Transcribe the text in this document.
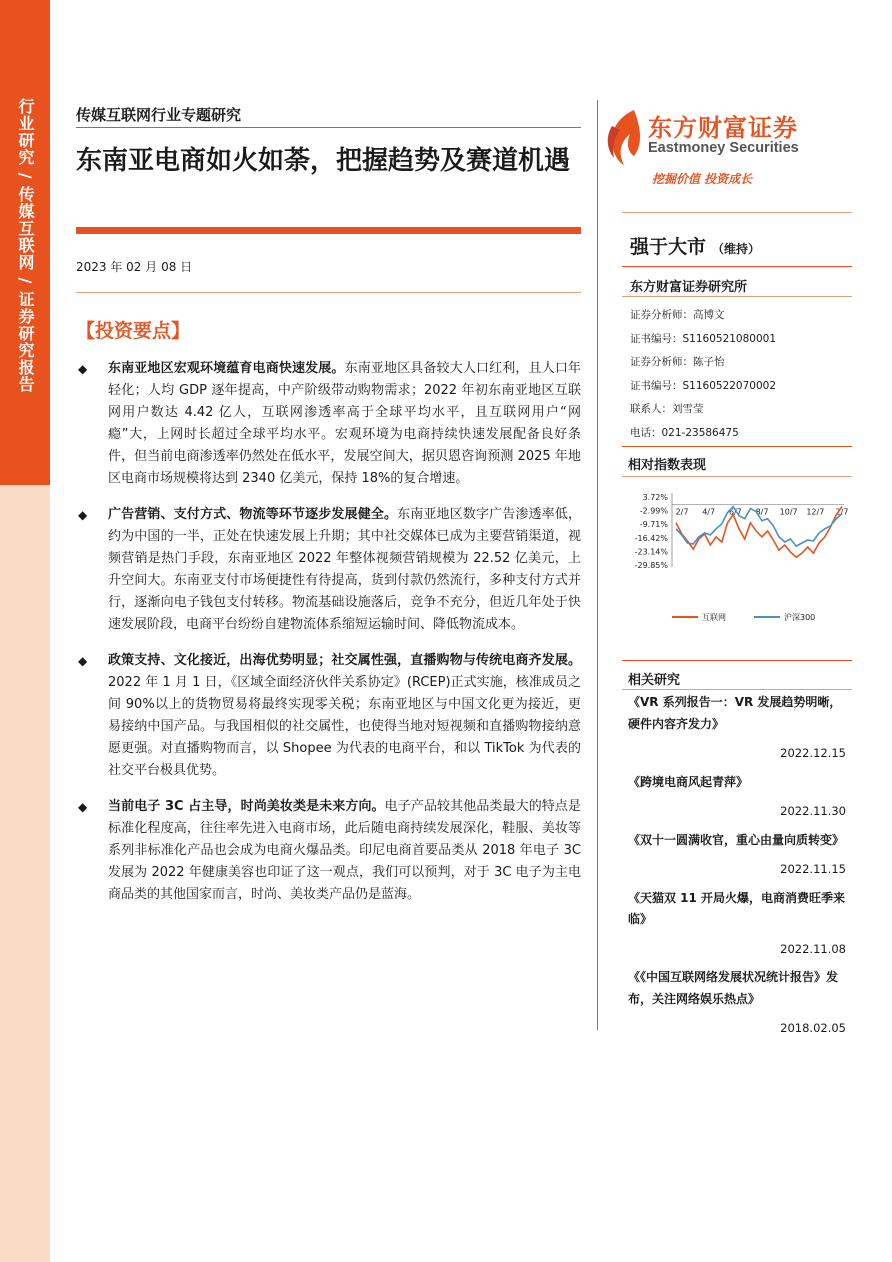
行业研究 / 传媒互联网 / 证券研究报告	传媒互联网行业专题研究
东南亚电商如火如荼，把握趋势及赛道机遇
2023 年 02 月 08 日
【投资要点】
◆ 东南亚地区宏观环境蕴育电商快速发展。东南亚地区具备较大人口红利，且人口年轻化；人均 GDP 逐年提高，中产阶级带动购物需求；2022 年初东南亚地区互联网用户数达 4.42 亿人，互联网渗透率高于全球平均水平，且互联网用户“网瘾”大，上网时长超过全球平均水平。宏观环境为电商持续快速发展配备良好条件，但当前电商渗透率仍然处在低水平，发展空间大，据贝恩咨询预测 2025 年地区电商市场规模将达到 2340 亿美元，保持 18%的复合增速。
◆ 广告营销、支付方式、物流等环节逐步发展健全。东南亚地区数字广告渗透率低，约为中国的一半，正处在快速发展上升期；其中社交媒体已成为主要营销渠道，视频营销是热门手段，东南亚地区 2022 年整体视频营销规模为 22.52 亿美元，上升空间大。东南亚支付市场便捷性有待提高，货到付款仍然流行，多种支付方式并行，逐渐向电子钱包支付转移。物流基础设施落后，竞争不充分，但近几年处于快速发展阶段，电商平台纷纷自建物流体系缩短运输时间、降低物流成本。
◆ 政策支持、文化接近，出海优势明显；社交属性强，直播购物与传统电商齐发展。2022 年 1 月 1 日，《区域全面经济伙伴关系协定》(RCEP)正式实施，核准成员之间 90%以上的货物贸易将最终实现零关税；东南亚地区与中国文化更为接近，更易接纳中国产品。与我国相似的社交属性，也使得当地对短视频和直播购物接纳意愿更强。对直播购物而言，以 Shopee 为代表的电商平台，和以 TikTok 为代表的社交平台极具优势。
◆ 当前电子 3C 占主导，时尚美妆类是未来方向。电子产品较其他品类最大的特点是标准化程度高，往往率先进入电商市场，此后随电商持续发展深化，鞋服、美妆等系列非标准化产品也会成为电商火爆品类。印尼电商首要品类从 2018 年电子 3C 发展为 2022 年健康美容也印证了这一观点，我们可以预判，对于 3C 电子为主电商品类的其他国家而言，时尚、美妆类产品仍是蓝海。
东方财富证券
Eastmoney Securities
挖掘价值 投资成长
强于大市 （维持）
东方财富证券研究所
证券分析师：高博文
证书编号：S1160521080001
证券分析师：陈子怡
证书编号：S1160522070002
联系人：刘雪莹
电话：021-23586475
相对指数表现
3.72%
-2.99%
-9.71%
-16.42%
-23.14%
-29.85%
2/7 4/7 6/7 8/7 10/7 12/7 2/7
互联网	沪深300
相关研究
《VR 系列报告一：VR 发展趋势明晰，硬件内容齐发力》
2022.12.15
《跨境电商风起青萍》
2022.11.30
《双十一圆满收官，重心由量向质转变》
2022.11.15
《天猫双 11 开局火爆，电商消费旺季来临》
2022.11.08
《《中国互联网络发展状况统计报告》发布，关注网络娱乐热点》
2018.02.05
